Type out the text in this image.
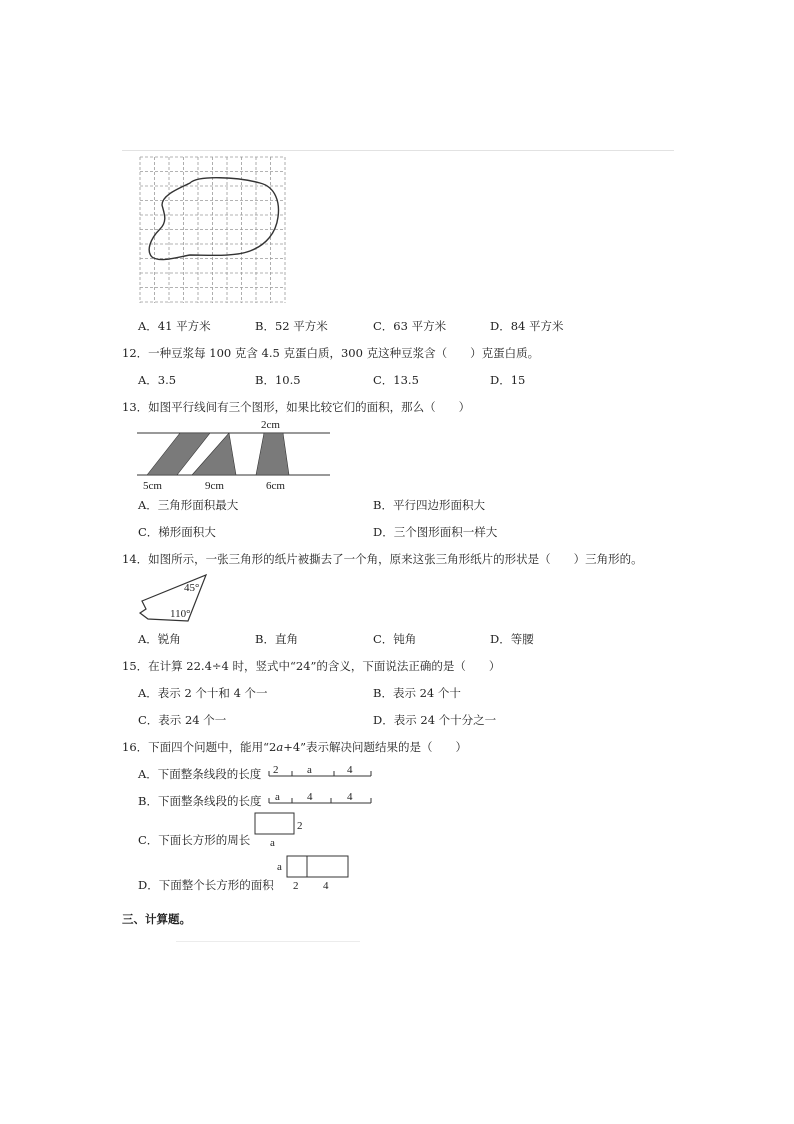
A．41 平方米	B．52 平方米	C．63 平方米	D．84 平方米
12．一种豆浆每 100 克含 4.5 克蛋白质，300 克这种豆浆含（　　）克蛋白质。
A．3.5	B．10.5	C．13.5	D．15
13．如图平行线间有三个图形，如果比较它们的面积，那么（　　）
2cm
5cm	9cm	6cm
A．三角形面积最大	B．平行四边形面积大
C．梯形面积大	D．三个图形面积一样大
14．如图所示，一张三角形的纸片被撕去了一个角，原来这张三角形纸片的形状是（　　）三角形的。
45°
110°
A．锐角	B．直角	C．钝角	D．等腰
15．在计算 22.4÷4 时，竖式中“24”的含义，下面说法正确的是（　　）
A．表示 2 个十和 4 个一	B．表示 24 个十
C．表示 24 个一	D．表示 24 个十分之一
16．下面四个问题中，能用“2a+4”表示解决问题结果的是（　　）
A．下面整条线段的长度 2	a	4
B．下面整条线段的长度 a 4	4
C．下面长方形的周长
2
a
D．下面整个长方形的面积
a
2 4
三、计算题。
